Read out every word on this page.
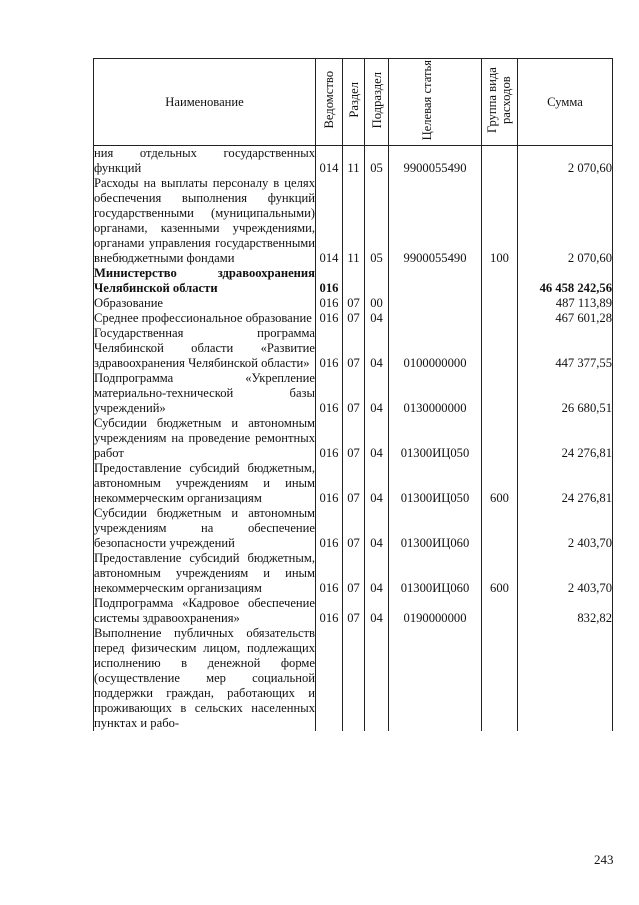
Наименование	Ведомство	Раздел	Подраздел	Целевая статья	Группа вида расходов	Сумма
ния отдельных государственных функций	014	11	05	9900055490		2 070,60
Расходы на выплаты персоналу в целях обеспечения выполнения функций государственными (муниципальными) органами, казенными учреждениями, органами управления государственными внебюджетными фондами	014	11	05	9900055490	100	2 070,60
Министерство здравоохранения Челябинской области	016					46 458 242,56
Образование	016	07	00			487 113,89
Среднее профессиональное образование	016	07	04			467 601,28
Государственная программа Челябинской области «Развитие здравоохранения Челябинской области»	016	07	04	0100000000		447 377,55
Подпрограмма «Укрепление материально-технической базы учреждений»	016	07	04	0130000000		26 680,51
Субсидии бюджетным и автономным учреждениям на проведение ремонтных работ	016	07	04	01300ИЦ050		24 276,81
Предоставление субсидий бюджетным, автономным учреждениям и иным некоммерческим организациям	016	07	04	01300ИЦ050	600	24 276,81
Субсидии бюджетным и автономным учреждениям на обеспечение безопасности учреждений	016	07	04	01300ИЦ060		2 403,70
Предоставление субсидий бюджетным, автономным учреждениям и иным некоммерческим организациям	016	07	04	01300ИЦ060	600	2 403,70
Подпрограмма «Кадровое обеспечение системы здравоохранения»	016	07	04	0190000000		832,82
Выполнение публичных обязательств перед физическим лицом, подлежащих исполнению в денежной форме (осуществление мер социальной поддержки граждан, работающих и проживающих в сельских населенных пунктах и рабо-						
243
